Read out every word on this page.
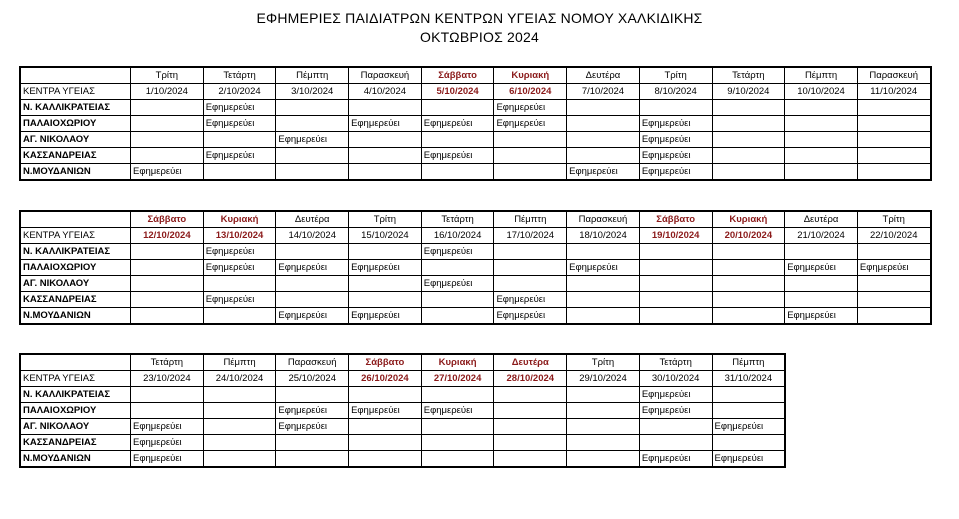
ΕΦΗΜΕΡΙΕΣ ΠΑΙΔΙΑΤΡΩΝ ΚΕΝΤΡΩΝ ΥΓΕΙΑΣ ΝΟΜΟΥ ΧΑΛΚΙΔΙΚΗΣ
ΟΚΤΩΒΡΙΟΣ 2024
	Τρίτη	Τετάρτη	Πέμπτη	Παρασκευή	Σάββατο	Κυριακή	Δευτέρα	Τρίτη	Τετάρτη	Πέμπτη	Παρασκευή
ΚΕΝΤΡΑ ΥΓΕΙΑΣ	1/10/2024	2/10/2024	3/10/2024	4/10/2024	5/10/2024	6/10/2024	7/10/2024	8/10/2024	9/10/2024	10/10/2024	11/10/2024
Ν. ΚΑΛΛΙΚΡΑΤΕΙΑΣ		Εφημερεύει				Εφημερεύει					
ΠΑΛΑΙΟΧΩΡΙΟΥ		Εφημερεύει		Εφημερεύει	Εφημερεύει	Εφημερεύει		Εφημερεύει			
ΑΓ. ΝΙΚΟΛΑΟΥ			Εφημερεύει					Εφημερεύει			
ΚΑΣΣΑΝΔΡΕΙΑΣ		Εφημερεύει			Εφημερεύει			Εφημερεύει			
Ν.ΜΟΥΔΑΝΙΩΝ	Εφημερεύει						Εφημερεύει	Εφημερεύει			
	Σάββατο	Κυριακή	Δευτέρα	Τρίτη	Τετάρτη	Πέμπτη	Παρασκευή	Σάββατο	Κυριακή	Δευτέρα	Τρίτη
ΚΕΝΤΡΑ ΥΓΕΙΑΣ	12/10/2024	13/10/2024	14/10/2024	15/10/2024	16/10/2024	17/10/2024	18/10/2024	19/10/2024	20/10/2024	21/10/2024	22/10/2024
Ν. ΚΑΛΛΙΚΡΑΤΕΙΑΣ		Εφημερεύει			Εφημερεύει						
ΠΑΛΑΙΟΧΩΡΙΟΥ		Εφημερεύει	Εφημερεύει	Εφημερεύει			Εφημερεύει			Εφημερεύει	Εφημερεύει
ΑΓ. ΝΙΚΟΛΑΟΥ					Εφημερεύει						
ΚΑΣΣΑΝΔΡΕΙΑΣ		Εφημερεύει				Εφημερεύει					
Ν.ΜΟΥΔΑΝΙΩΝ			Εφημερεύει	Εφημερεύει		Εφημερεύει				Εφημερεύει	
	Τετάρτη	Πέμπτη	Παρασκευή	Σάββατο	Κυριακή	Δευτέρα	Τρίτη	Τετάρτη	Πέμπτη
ΚΕΝΤΡΑ ΥΓΕΙΑΣ	23/10/2024	24/10/2024	25/10/2024	26/10/2024	27/10/2024	28/10/2024	29/10/2024	30/10/2024	31/10/2024
Ν. ΚΑΛΛΙΚΡΑΤΕΙΑΣ								Εφημερεύει	
ΠΑΛΑΙΟΧΩΡΙΟΥ			Εφημερεύει	Εφημερεύει	Εφημερεύει			Εφημερεύει	
ΑΓ. ΝΙΚΟΛΑΟΥ	Εφημερεύει		Εφημερεύει						Εφημερεύει
ΚΑΣΣΑΝΔΡΕΙΑΣ	Εφημερεύει								
Ν.ΜΟΥΔΑΝΙΩΝ	Εφημερεύει							Εφημερεύει	Εφημερεύει
